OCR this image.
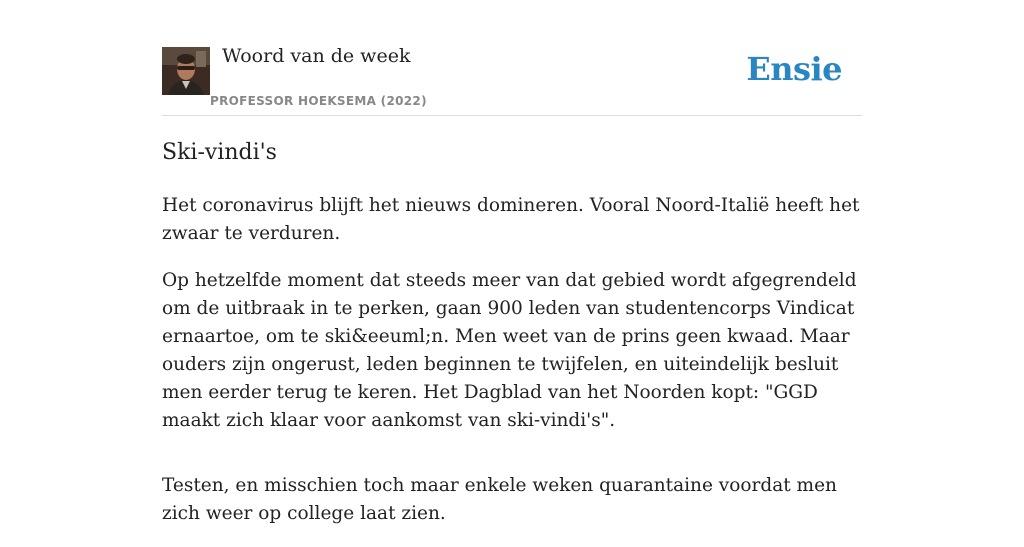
Woord van de week
PROFESSOR HOEKSEMA (2022)
Ensie
Ski-vindi's

Het coronavirus blijft het nieuws domineren. Vooral Noord-Italië heeft het zwaar te verduren.

Op hetzelfde moment dat steeds meer van dat gebied wordt afgegrendeld om de uitbraak in te perken, gaan 900 leden van studentencorps Vindicat ernaartoe, om te ski&eeuml;n. Men weet van de prins geen kwaad. Maar ouders zijn ongerust, leden beginnen te twijfelen, en uiteindelijk besluit men eerder terug te keren. Het Dagblad van het Noorden kopt: "GGD maakt zich klaar voor aankomst van ski-vindi's".

Testen, en misschien toch maar enkele weken quarantaine voordat men zich weer op college laat zien.
